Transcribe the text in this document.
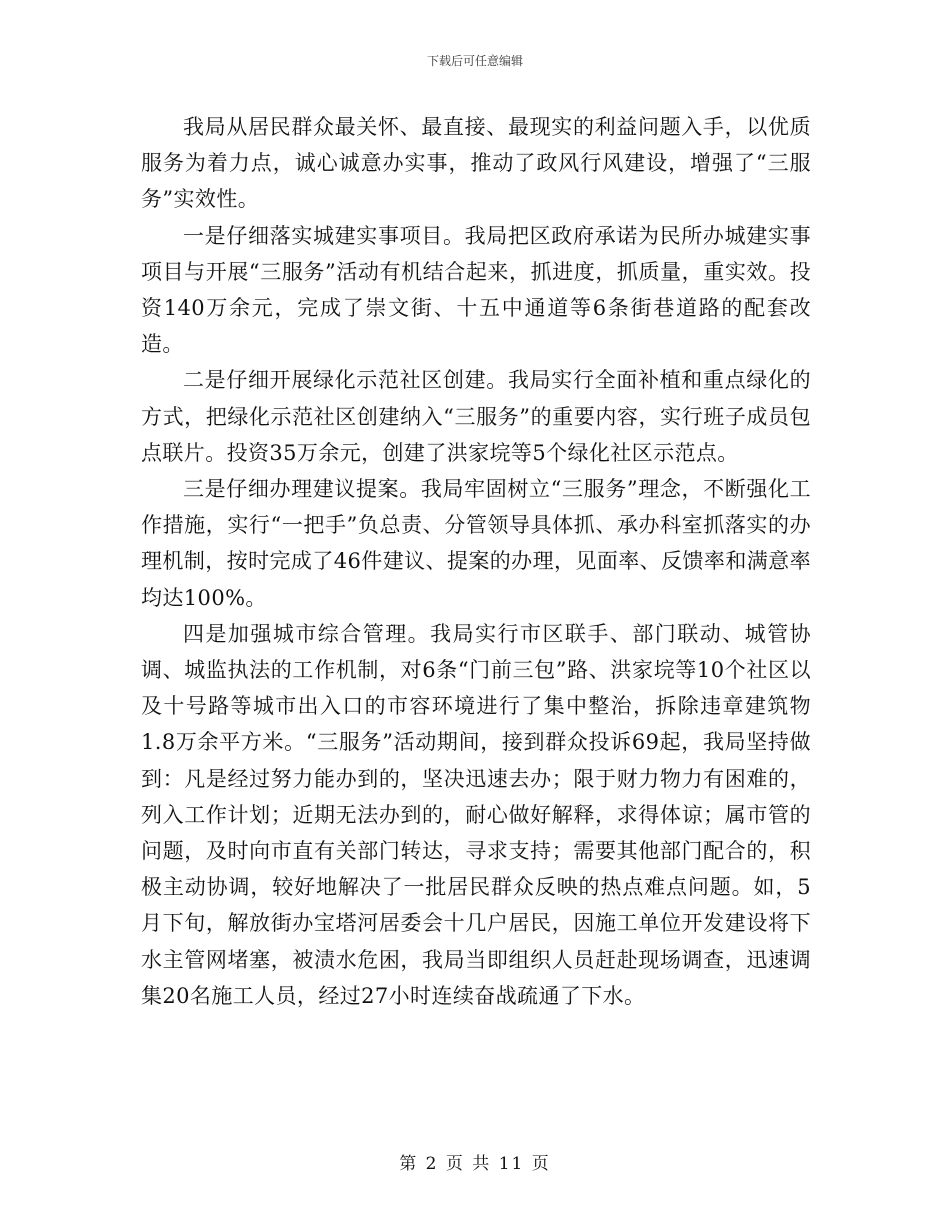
下载后可任意编辑

我局从居民群众最关怀、最直接、最现实的利益问题入手，以优质服务为着力点，诚心诚意办实事，推动了政风行风建设，增强了“三服务”实效性。

一是仔细落实城建实事项目。我局把区政府承诺为民所办城建实事项目与开展“三服务”活动有机结合起来，抓进度，抓质量，重实效。投资140万余元，完成了崇文街、十五中通道等6条街巷道路的配套改造。

二是仔细开展绿化示范社区创建。我局实行全面补植和重点绿化的方式，把绿化示范社区创建纳入“三服务”的重要内容，实行班子成员包点联片。投资35万余元，创建了洪家垸等5个绿化社区示范点。

三是仔细办理建议提案。我局牢固树立“三服务”理念，不断强化工作措施，实行“一把手”负总责、分管领导具体抓、承办科室抓落实的办理机制，按时完成了46件建议、提案的办理，见面率、反馈率和满意率均达100%。

四是加强城市综合管理。我局实行市区联手、部门联动、城管协调、城监执法的工作机制，对6条“门前三包”路、洪家垸等10个社区以及十号路等城市出入口的市容环境进行了集中整治，拆除违章建筑物1.8万余平方米。“三服务”活动期间，接到群众投诉69起，我局坚持做到：凡是经过努力能办到的，坚决迅速去办；限于财力物力有困难的，列入工作计划；近期无法办到的，耐心做好解释，求得体谅；属市管的问题，及时向市直有关部门转达，寻求支持；需要其他部门配合的，积极主动协调，较好地解决了一批居民群众反映的热点难点问题。如，5月下旬，解放街办宝塔河居委会十几户居民，因施工单位开发建设将下水主管网堵塞，被渍水危困，我局当即组织人员赶赴现场调查，迅速调集20名施工人员，经过27小时连续奋战疏通了下水。

第 2 页 共 11 页
